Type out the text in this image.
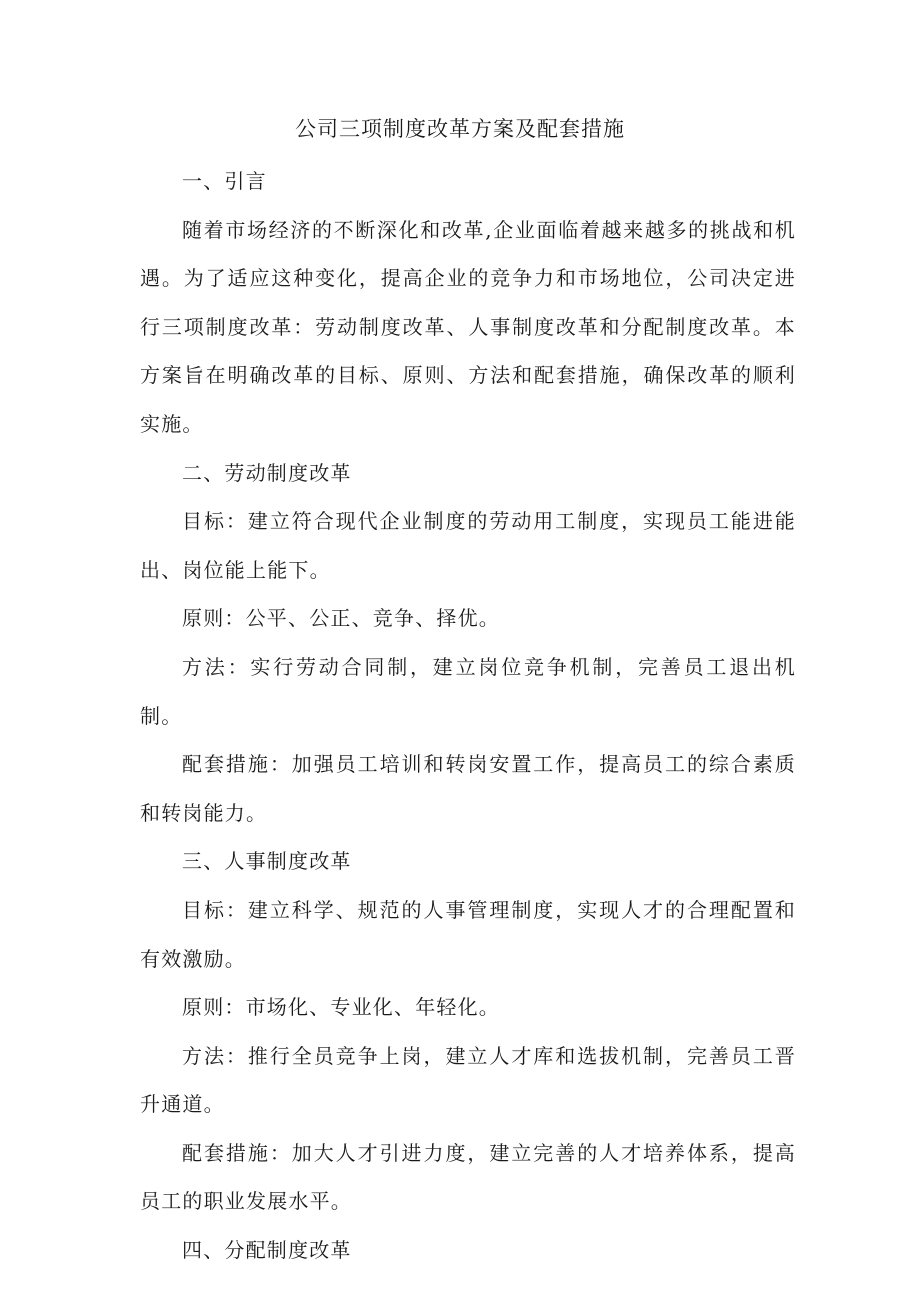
公司三项制度改革方案及配套措施

一、引言

随着市场经济的不断深化和改革,企业面临着越来越多的挑战和机遇。为了适应这种变化，提高企业的竞争力和市场地位，公司决定进行三项制度改革：劳动制度改革、人事制度改革和分配制度改革。本方案旨在明确改革的目标、原则、方法和配套措施，确保改革的顺利实施。

二、劳动制度改革

目标：建立符合现代企业制度的劳动用工制度，实现员工能进能出、岗位能上能下。

原则：公平、公正、竞争、择优。

方法：实行劳动合同制，建立岗位竞争机制，完善员工退出机制。

配套措施：加强员工培训和转岗安置工作，提高员工的综合素质和转岗能力。

三、人事制度改革

目标：建立科学、规范的人事管理制度，实现人才的合理配置和有效激励。

原则：市场化、专业化、年轻化。

方法：推行全员竞争上岗，建立人才库和选拔机制，完善员工晋升通道。

配套措施：加大人才引进力度，建立完善的人才培养体系，提高员工的职业发展水平。

四、分配制度改革
